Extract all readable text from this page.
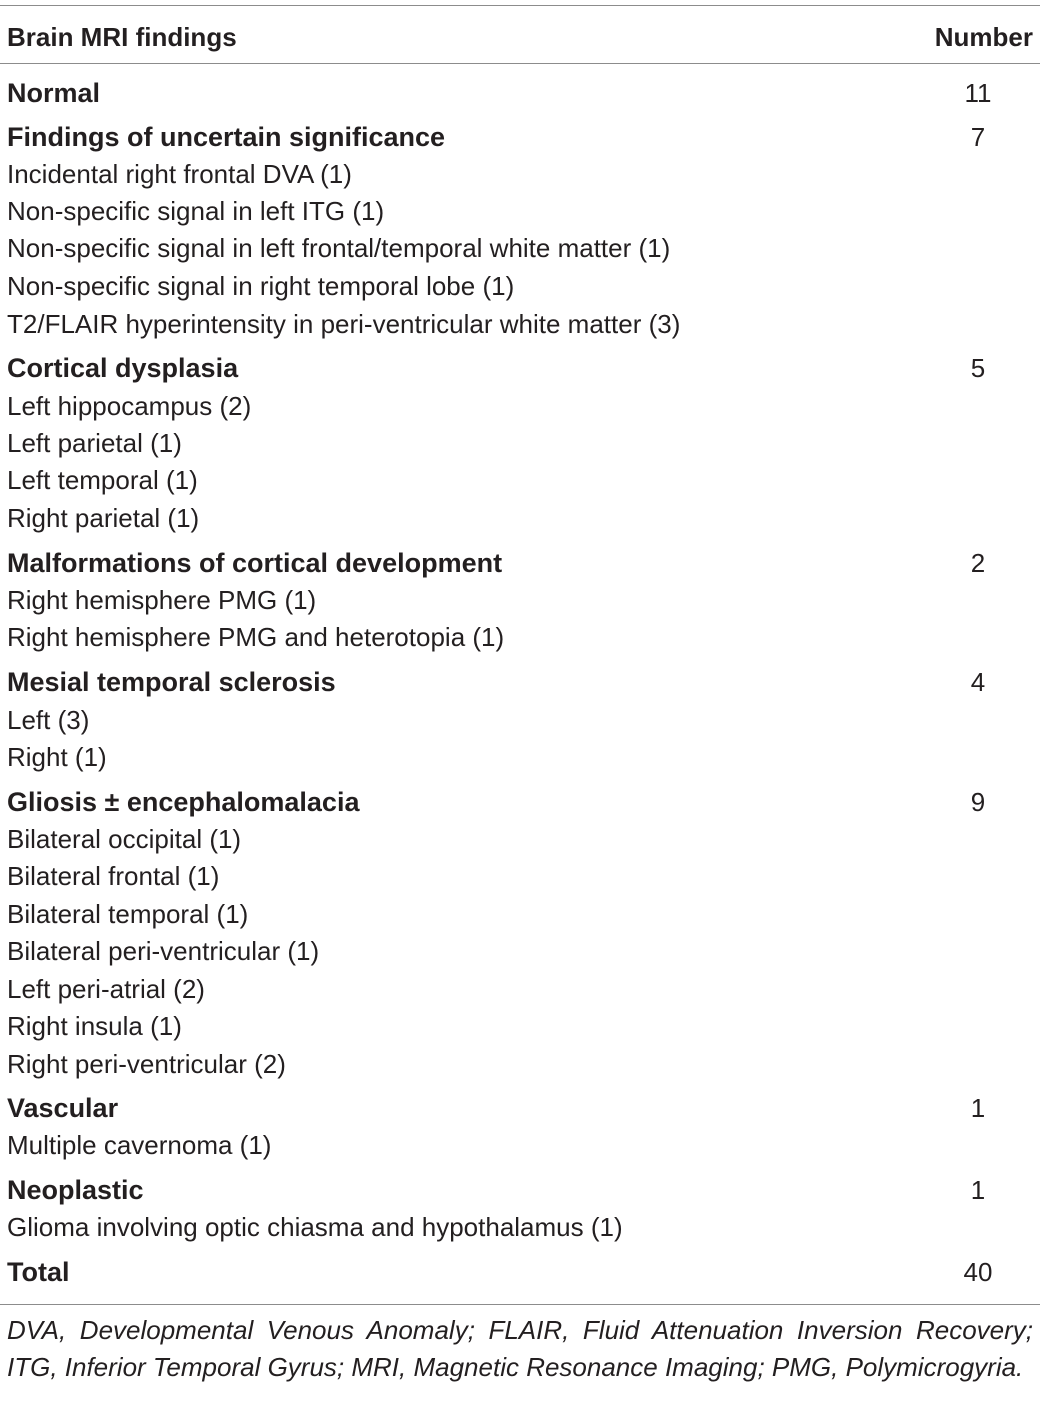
Brain MRI findings	Number
Normal	11
Findings of uncertain significance	7
Incidental right frontal DVA (1)
Non-specific signal in left ITG (1)
Non-specific signal in left frontal/temporal white matter (1)
Non-specific signal in right temporal lobe (1)
T2/FLAIR hyperintensity in peri-ventricular white matter (3)
Cortical dysplasia	5
Left hippocampus (2)
Left parietal (1)
Left temporal (1)
Right parietal (1)
Malformations of cortical development	2
Right hemisphere PMG (1)
Right hemisphere PMG and heterotopia (1)
Mesial temporal sclerosis	4
Left (3)
Right (1)
Gliosis ± encephalomalacia	9
Bilateral occipital (1)
Bilateral frontal (1)
Bilateral temporal (1)
Bilateral peri-ventricular (1)
Left peri-atrial (2)
Right insula (1)
Right peri-ventricular (2)
Vascular	1
Multiple cavernoma (1)
Neoplastic	1
Glioma involving optic chiasma and hypothalamus (1)
Total	40
DVA, Developmental Venous Anomaly; FLAIR, Fluid Attenuation Inversion Recovery; ITG, Inferior Temporal Gyrus; MRI, Magnetic Resonance Imaging; PMG, Polymicrogyria.
